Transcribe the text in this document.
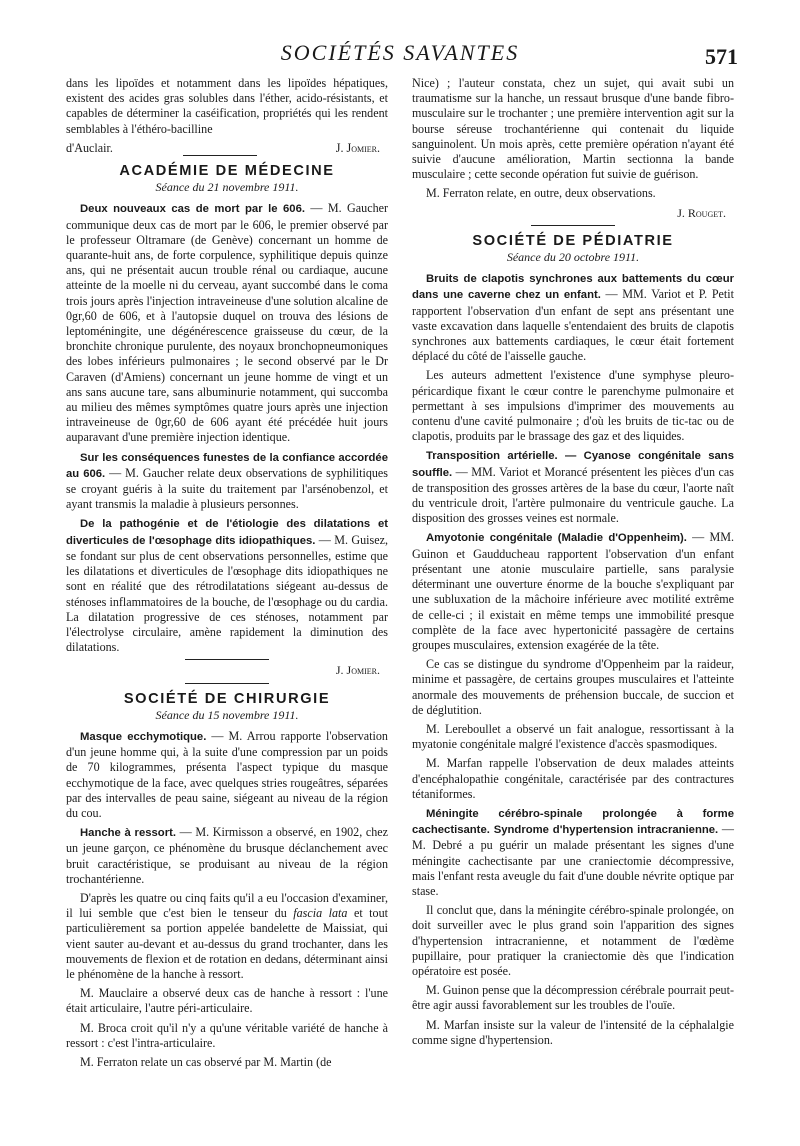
SOCIÉTÉS SAVANTES	571

dans les lipoïdes et notamment dans les lipoïdes hépatiques, existent des acides gras solubles dans l'éther, acido-résistants, et capables de déterminer la caséification, propriétés qui les rendent semblables à l'éthéro-bacilline

d'Auclair.	J. Jomier.
ACADÉMIE DE MÉDECINE
Séance du 21 novembre 1911.

Deux nouveaux cas de mort par le 606. — M. Gaucher communique deux cas de mort par le 606, le premier observé par le professeur Oltramare (de Genève) concernant un homme de quarante-huit ans, de forte corpulence, syphilitique depuis quinze ans, qui ne présentait aucun trouble rénal ou cardiaque, aucune atteinte de la moelle ni du cerveau, ayant succombé dans le coma trois jours après l'injection intraveineuse d'une solution alcaline de 0gr,60 de 606, et à l'autopsie duquel on trouva des lésions de leptoméningite, une dégénérescence graisseuse du cœur, de la bronchite chronique purulente, des noyaux bronchopneumoniques des lobes inférieurs pulmonaires ; le second observé par le Dr Caraven (d'Amiens) concernant un jeune homme de vingt et un ans sans aucune tare, sans albuminurie notamment, qui succomba au milieu des mêmes symptômes quatre jours après une injection intraveineuse de 0gr,60 de 606 ayant été précédée huit jours auparavant d'une première injection identique.

Sur les conséquences funestes de la confiance accordée au 606. — M. Gaucher relate deux observations de syphilitiques se croyant guéris à la suite du traitement par l'arsénobenzol, et ayant transmis la maladie à plusieurs personnes.

De la pathogénie et de l'étiologie des dilatations et diverticules de l'œsophage dits idiopathiques. — M. Guisez, se fondant sur plus de cent observations personnelles, estime que les dilatations et diverticules de l'œsophage dits idiopathiques ne sont en réalité que des rétrodilatations siégeant au-dessus de sténoses inflammatoires de la bouche, de l'œsophage ou du cardia. La dilatation progressive de ces sténoses, notamment par l'électrolyse circulaire, amène rapidement la diminution des dilatations.

J. Jomier.

SOCIÉTÉ DE CHIRURGIE
Séance du 15 novembre 1911.

Masque ecchymotique. — M. Arrou rapporte l'observation d'un jeune homme qui, à la suite d'une compression par un poids de 70 kilogrammes, présenta l'aspect typique du masque ecchymotique de la face, avec quelques stries rougeâtres, séparées par des intervalles de peau saine, siégeant au niveau de la région du cou.

Hanche à ressort. — M. Kirmisson a observé, en 1902, chez un jeune garçon, ce phénomène du brusque déclanchement avec bruit caractéristique, se produisant au niveau de la région trochantérienne.

D'après les quatre ou cinq faits qu'il a eu l'occasion d'examiner, il lui semble que c'est bien le tenseur du fascia lata et tout particulièrement sa portion appelée bandelette de Maissiat, qui vient sauter au-devant et au-dessus du grand trochanter, dans les mouvements de flexion et de rotation en dedans, déterminant ainsi le phénomène de la hanche à ressort.

M. Mauclaire a observé deux cas de hanche à ressort : l'une était articulaire, l'autre péri-articulaire.

M. Broca croit qu'il n'y a qu'une véritable variété de hanche à ressort : c'est l'intra-articulaire.

M. Ferraton relate un cas observé par M. Martin (de

Nice) ; l'auteur constata, chez un sujet, qui avait subi un traumatisme sur la hanche, un ressaut brusque d'une bande fibro-musculaire sur le trochanter ; une première intervention agit sur la bourse séreuse trochantérienne qui contenait du liquide sanguinolent. Un mois après, cette première opération n'ayant été suivie d'aucune amélioration, Martin sectionna la bande musculaire ; cette seconde opération fut suivie de guérison.

M. Ferraton relate, en outre, deux observations.

J. Rouget.

SOCIÉTÉ DE PÉDIATRIE
Séance du 20 octobre 1911.

Bruits de clapotis synchrones aux battements du cœur dans une caverne chez un enfant. — MM. Variot et P. Petit rapportent l'observation d'un enfant de sept ans présentant une vaste excavation dans laquelle s'entendaient des bruits de clapotis synchrones aux battements cardiaques, le cœur était fortement déplacé du côté de l'aisselle gauche.

Les auteurs admettent l'existence d'une symphyse pleuro-péricardique fixant le cœur contre le parenchyme pulmonaire et permettant à ses impulsions d'imprimer des mouvements au contenu d'une cavité pulmonaire ; d'où les bruits de tic-tac ou de clapotis, produits par le brassage des gaz et des liquides.

Transposition artérielle. — Cyanose congénitale sans souffle. — MM. Variot et Morancé présentent les pièces d'un cas de transposition des grosses artères de la base du cœur, l'aorte naît du ventricule droit, l'artère pulmonaire du ventricule gauche. La disposition des grosses veines est normale.

Amyotonie congénitale (Maladie d'Oppenheim). — MM. Guinon et Gaudducheau rapportent l'observation d'un enfant présentant une atonie musculaire partielle, sans paralysie déterminant une ouverture énorme de la bouche s'expliquant par une subluxation de la mâchoire inférieure avec motilité extrême de celle-ci ; il existait en même temps une immobilité presque complète de la face avec hypertonicité passagère de certains groupes musculaires, extension exagérée de la tête.

Ce cas se distingue du syndrome d'Oppenheim par la raideur, minime et passagère, de certains groupes musculaires et l'atteinte anormale des mouvements de préhension buccale, de succion et de déglutition.

M. Lereboullet a observé un fait analogue, ressortissant à la myatonie congénitale malgré l'existence d'accès spasmodiques.

M. Marfan rappelle l'observation de deux malades atteints d'encéphalopathie congénitale, caractérisée par des contractures tétaniformes.

Méningite cérébro-spinale prolongée à forme cachectisante. Syndrome d'hypertension intracranienne. — M. Debré a pu guérir un malade présentant les signes d'une méningite cachectisante par une craniectomie décompressive, mais l'enfant resta aveugle du fait d'une double névrite optique par stase.

Il conclut que, dans la méningite cérébro-spinale prolongée, on doit surveiller avec le plus grand soin l'apparition des signes d'hypertension intracranienne, et notamment de l'œdème pupillaire, pour pratiquer la craniectomie dès que l'indication opératoire est posée.

M. Guinon pense que la décompression cérébrale pourrait peut-être agir aussi favorablement sur les troubles de l'ouïe.

M. Marfan insiste sur la valeur de l'intensité de la céphalalgie comme signe d'hypertension.
